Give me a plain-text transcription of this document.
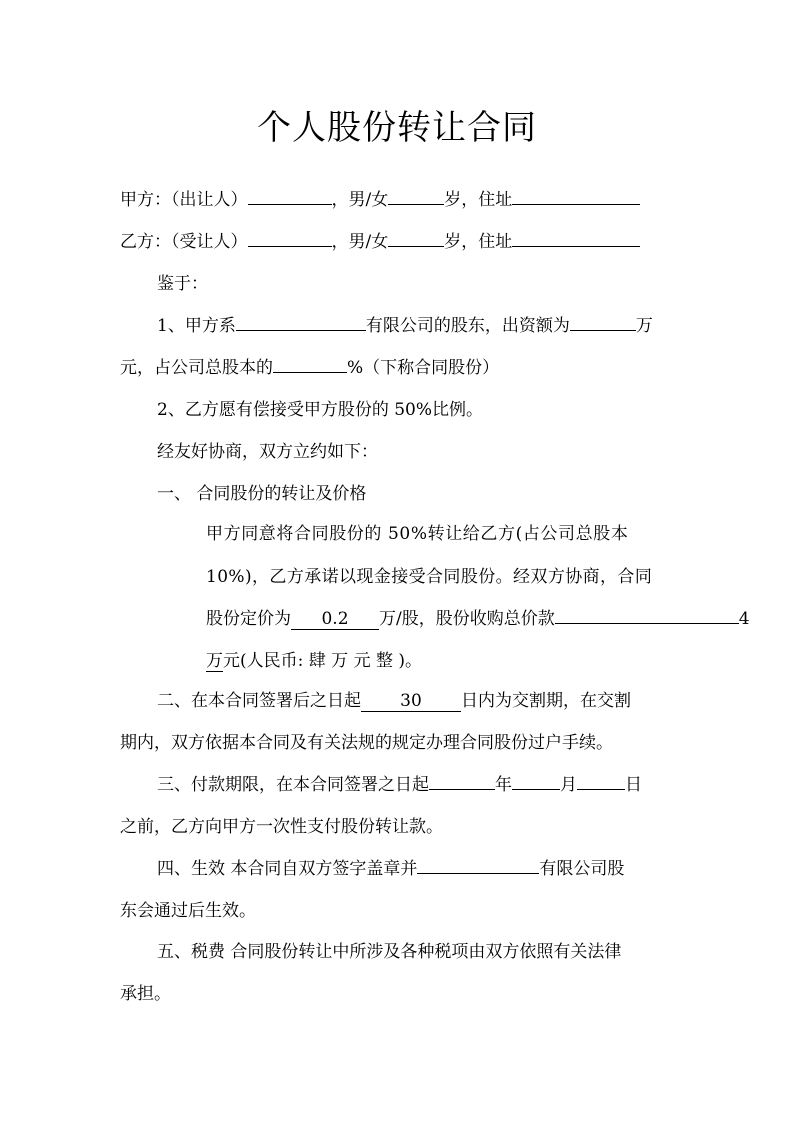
个人股份转让合同
甲方：（出让人）	，男/女	岁，住址
乙方：（受让人）	，男/女	岁，住址
鉴于：
1、甲方系	有限公司的股东，出资额为	万
元，占公司总股本的	%（下称合同股份）
2、乙方愿有偿接受甲方股份的 50%比例。
经友好协商，双方立约如下：
一、 合同股份的转让及价格
甲方同意将合同股份的 50%转让给乙方(占公司总股本
10%)，乙方承诺以现金接受合同股份。经双方协商，合同
股份定价为 0.2 万/股，股份收购总价款	4
万元(人民币: 肆 万 元 整 )。
二、在本合同签署后之日起 30 日内为交割期，在交割
期内，双方依据本合同及有关法规的规定办理合同股份过户手续。
三、付款期限，在本合同签署之日起	年	月	日
之前，乙方向甲方一次性支付股份转让款。
四、生效 本合同自双方签字盖章并	有限公司股
东会通过后生效。
五、税费 合同股份转让中所涉及各种税项由双方依照有关法律
承担。
